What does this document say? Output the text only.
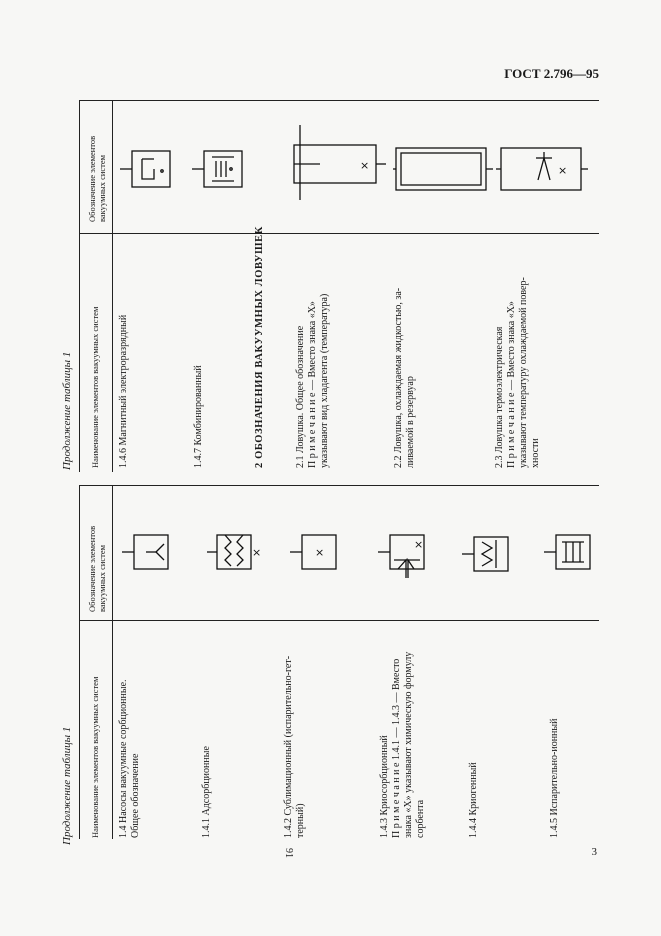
ГОСТ 2.796—95
3
91
Продолжение таблицы 1 Наименование элементов вакуумных систем
Обозначение элементов вакуумных систем
1.4 Насосы вакуумные сорбционные. Общее обозначение	1.4.1 Адсорбционные	1.4.2 Сублимационный (испарительно-гет- терный)	1.4.3 Криосорбционный П р и м е ч а н и е 1.4.1 — 1.4.3 — Вместо знака «Х» указывают химическую формулу сорбента	1.4.4 Криогенный	1.4.5 Испарительно-ионный
×	×
×
Продолжение таблицы 1 Наименование элементов вакуумных систем
Обозначение элементов вакуумных систем
1.4.6 Магнитный электроразрядный	1.4.7 Комбинированный	2 ОБОЗНАЧЕНИЯ ВАКУУМНЫХ ЛОВУШЕК	2.1 Ловушка. Общее обозначение П р и м е ч а н и е — Вместо знака «Х» указывают вид хладагента (температура)	2.2 Ловушка, охлаждаемая жидкостью, за- ливаемой в резервуар	2.3 Ловушка термоэлектрическая П р и м е ч а н и е — Вместо знака «Х» указывают температуру охлаждаемой повер- хности
×	×
